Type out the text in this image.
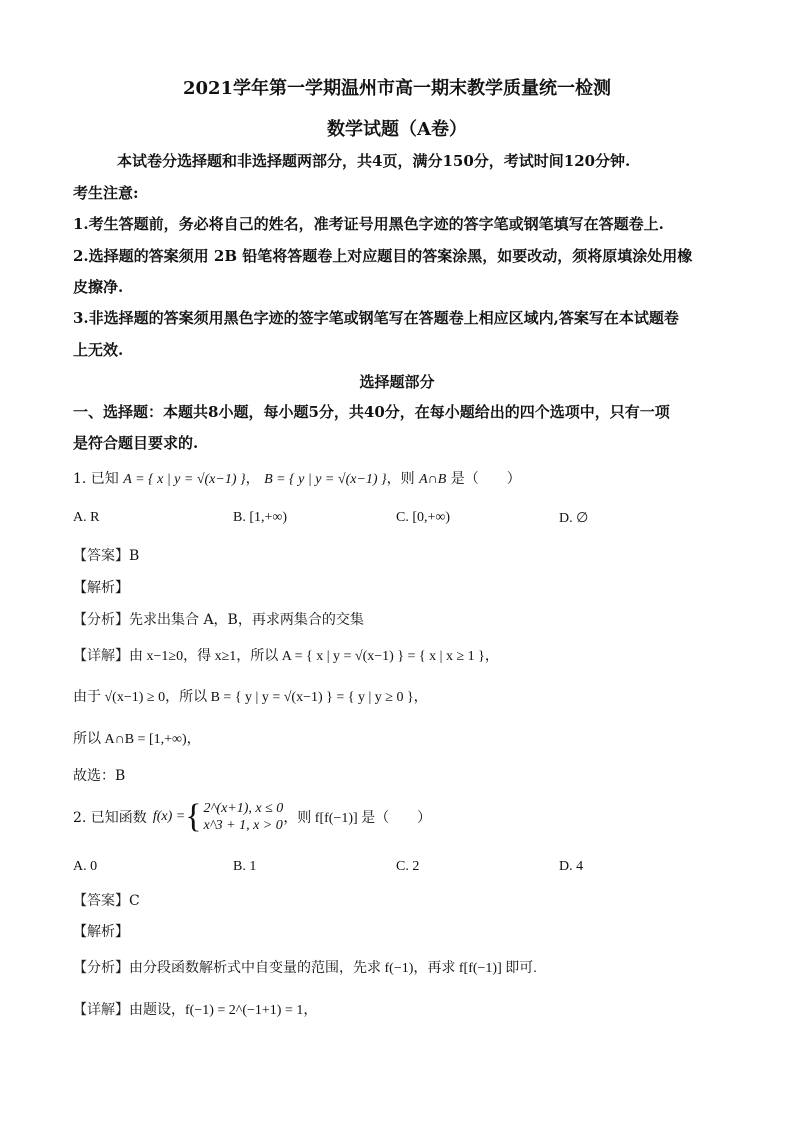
2021学年第一学期温州市高一期末教学质量统一检测
数学试题（A卷）
本试卷分选择题和非选择题两部分，共4页，满分150分，考试时间120分钟.
考生注意:
1.考生答题前，务必将自己的姓名，准考证号用黑色字迹的答字笔或钢笔填写在答题卷上.
2.选择题的答案须用 2B 铅笔将答题卷上对应题目的答案涂黑，如要改动，须将原填涂处用橡
皮擦净.
3.非选择题的答案须用黑色字迹的签字笔或钢笔写在答题卷上相应区域内,答案写在本试题卷
上无效.
选择题部分
一、选择题：本题共8小题，每小题5分，共40分，在每小题给出的四个选项中，只有一项
是符合题目要求的.
1. 已知 A = { x | y = √(x−1) }， B = { y | y = √(x−1) }，则 A∩B 是（　　）
A. R	B. [1,+∞)	C. [0,+∞)	D. ∅
【答案】B
【解析】
【分析】先求出集合 A，B，再求两集合的交集
【详解】由 x−1≥0，得 x≥1，所以 A = { x | y = √(x−1) } = { x | x ≥ 1 }，
由于 √(x−1) ≥ 0，所以 B = { y | y = √(x−1) } = { y | y ≥ 0 }，
所以 A∩B = [1,+∞)，
故选：B
2. 已知函数 f(x) = { 2^(x+1), x ≤ 0
x^3 + 1, x > 0 ，则 f[f(−1)] 是（　　）
A. 0	B. 1	C. 2	D. 4
【答案】C
【解析】
【分析】由分段函数解析式中自变量的范围，先求 f(−1)，再求 f[f(−1)] 即可.
【详解】由题设，f(−1) = 2^(−1+1) = 1，
